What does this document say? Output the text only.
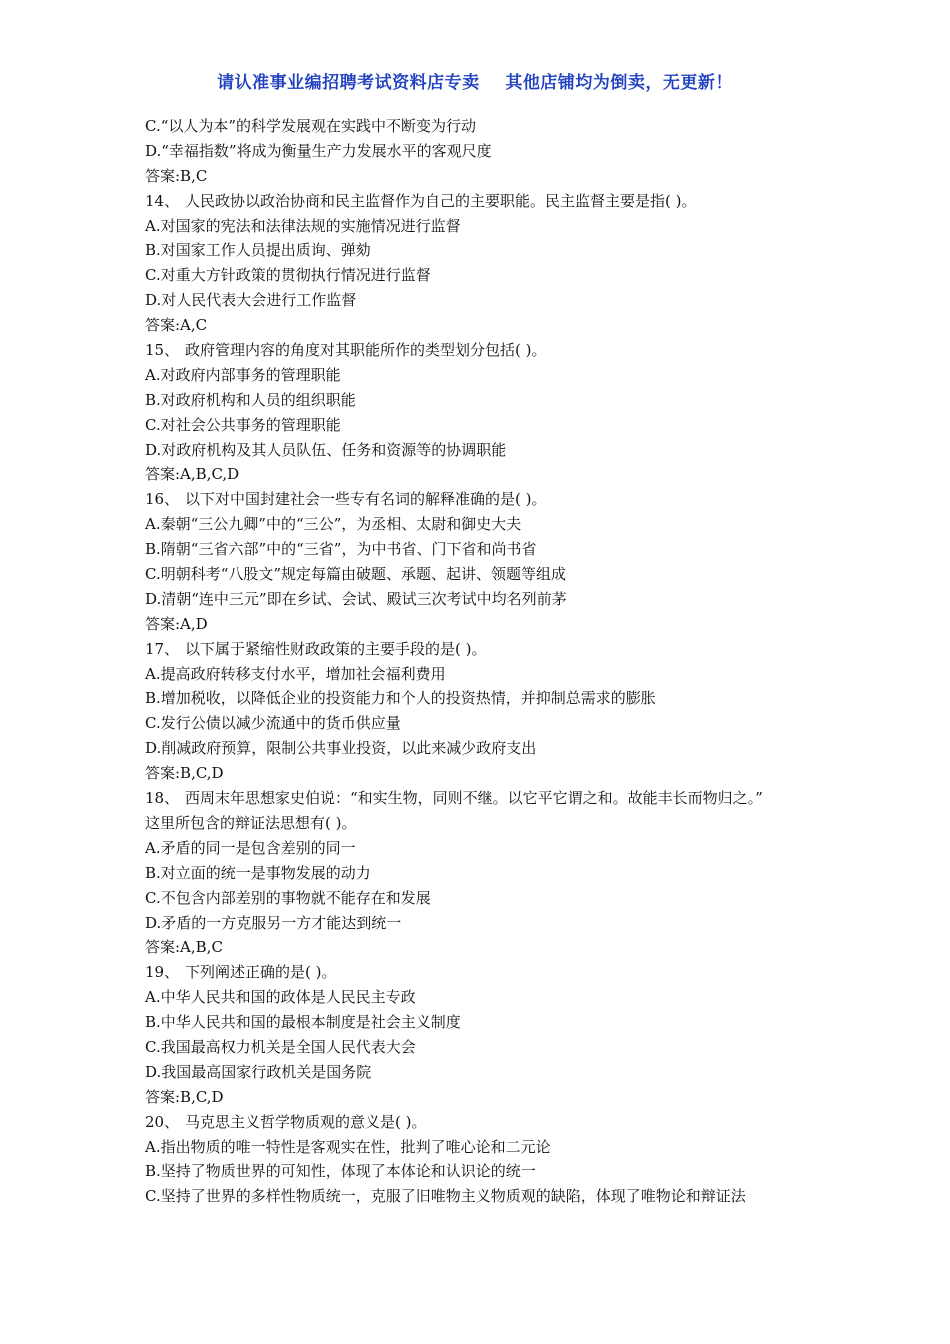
请认准事业编招聘考试资料店专卖    其他店铺均为倒卖，无更新！
C.“以人为本”的科学发展观在实践中不断变为行动
D.“幸福指数”将成为衡量生产力发展水平的客观尺度
答案:B,C
14、 人民政协以政治协商和民主监督作为自己的主要职能。民主监督主要是指( )。
A.对国家的宪法和法律法规的实施情况进行监督
B.对国家工作人员提出质询、弹劾
C.对重大方针政策的贯彻执行情况进行监督
D.对人民代表大会进行工作监督
答案:A,C
15、 政府管理内容的角度对其职能所作的类型划分包括( )。
A.对政府内部事务的管理职能
B.对政府机构和人员的组织职能
C.对社会公共事务的管理职能
D.对政府机构及其人员队伍、任务和资源等的协调职能
答案:A,B,C,D
16、 以下对中国封建社会一些专有名词的解释准确的是( )。
A.秦朝“三公九卿”中的“三公”，为丞相、太尉和御史大夫
B.隋朝“三省六部”中的“三省”，为中书省、门下省和尚书省
C.明朝科考“八股文”规定每篇由破题、承题、起讲、领题等组成
D.清朝“连中三元”即在乡试、会试、殿试三次考试中均名列前茅
答案:A,D
17、 以下属于紧缩性财政政策的主要手段的是( )。
A.提高政府转移支付水平，增加社会福利费用
B.增加税收，以降低企业的投资能力和个人的投资热情，并抑制总需求的膨胀
C.发行公债以减少流通中的货币供应量
D.削减政府预算，限制公共事业投资，以此来减少政府支出
答案:B,C,D
18、 西周末年思想家史伯说：“和实生物，同则不继。以它平它谓之和。故能丰长而物归之。”
这里所包含的辩证法思想有( )。
A.矛盾的同一是包含差别的同一
B.对立面的统一是事物发展的动力
C.不包含内部差别的事物就不能存在和发展
D.矛盾的一方克服另一方才能达到统一
答案:A,B,C
19、 下列阐述正确的是( )。
A.中华人民共和国的政体是人民民主专政
B.中华人民共和国的最根本制度是社会主义制度
C.我国最高权力机关是全国人民代表大会
D.我国最高国家行政机关是国务院
答案:B,C,D
20、 马克思主义哲学物质观的意义是( )。
A.指出物质的唯一特性是客观实在性，批判了唯心论和二元论
B.坚持了物质世界的可知性，体现了本体论和认识论的统一
C.坚持了世界的多样性物质统一，克服了旧唯物主义物质观的缺陷，体现了唯物论和辩证法
